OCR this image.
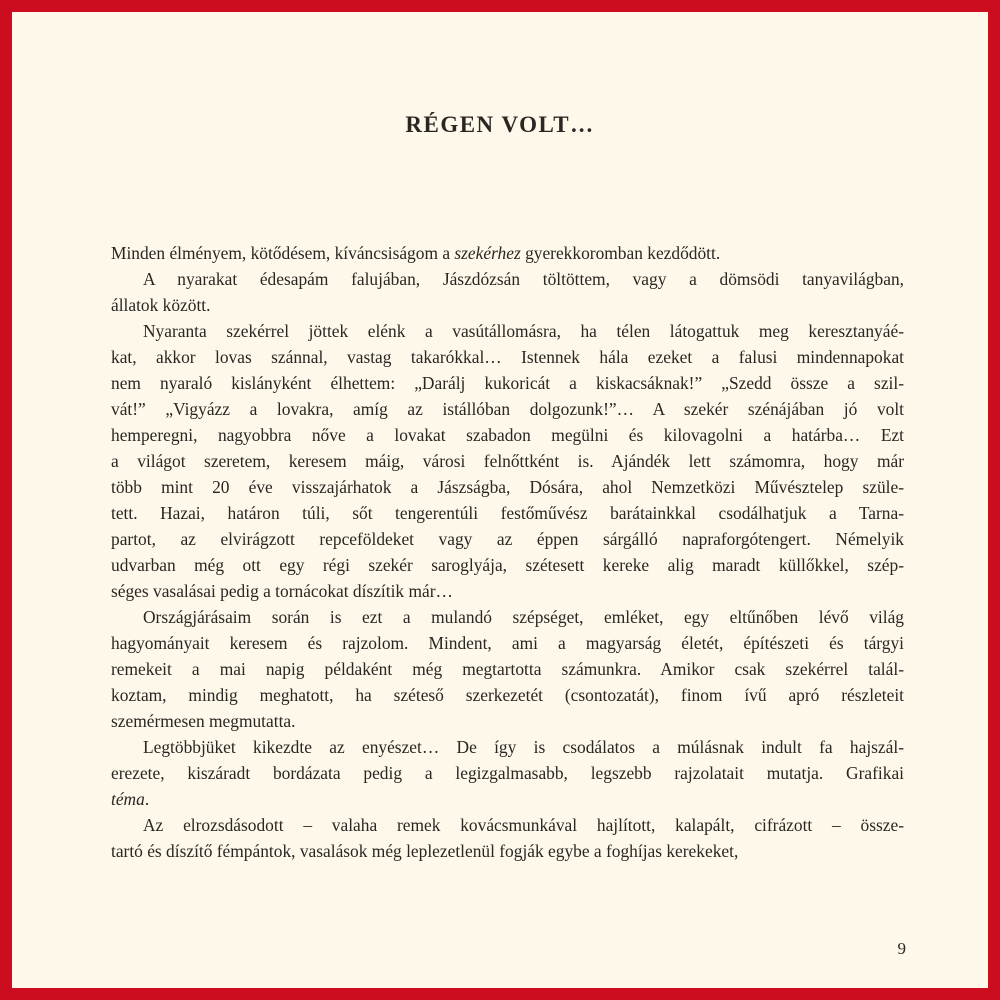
RÉGEN VOLT…

Minden élményem, kötődésem, kíváncsiságom a szekérhez gyerekkoromban kezdődött.

A nyarakat édesapám falujában, Jászdózsán töltöttem, vagy a dömsödi tanyavilágban,
állatok között.

Nyaranta szekérrel jöttek elénk a vasútállomásra, ha télen látogattuk meg keresztanyáé-
kat, akkor lovas szánnal, vastag takarókkal… Istennek hála ezeket a falusi mindennapokat
nem nyaraló kislányként élhettem: „Darálj kukoricát a kiskacsáknak!” „Szedd össze a szil-
vát!” „Vigyázz a lovakra, amíg az istállóban dolgozunk!”… A szekér szénájában jó volt
hemperegni, nagyobbra nőve a lovakat szabadon megülni és kilovagolni a határba… Ezt
a világot szeretem, keresem máig, városi felnőttként is. Ajándék lett számomra, hogy már
több mint 20 éve visszajárhatok a Jászságba, Dósára, ahol Nemzetközi Művésztelep szüle-
tett. Hazai, határon túli, sőt tengerentúli festőművész barátainkkal csodálhatjuk a Tarna-
partot, az elvirágzott repceföldeket vagy az éppen sárgálló napraforgótengert. Némelyik
udvarban még ott egy régi szekér saroglyája, szétesett kereke alig maradt küllőkkel, szép-
séges vasalásai pedig a tornácokat díszítik már…

Országjárásaim során is ezt a mulandó szépséget, emléket, egy eltűnőben lévő világ
hagyományait keresem és rajzolom. Mindent, ami a magyarság életét, építészeti és tárgyi
remekeit a mai napig példaként még megtartotta számunkra. Amikor csak szekérrel talál-
koztam, mindig meghatott, ha széteső szerkezetét (csontozatát), finom ívű apró részleteit
szemérmesen megmutatta.

Legtöbbjüket kikezdte az enyészet… De így is csodálatos a múlásnak indult fa hajszál-
erezete, kiszáradt bordázata pedig a legizgalmasabb, legszebb rajzolatait mutatja. Grafikai
téma.

Az elrozsdásodott – valaha remek kovácsmunkával hajlított, kalapált, cifrázott – össze-
tartó és díszítő fémpántok, vasalások még leplezetlenül fogják egybe a foghíjas kerekeket,

9
